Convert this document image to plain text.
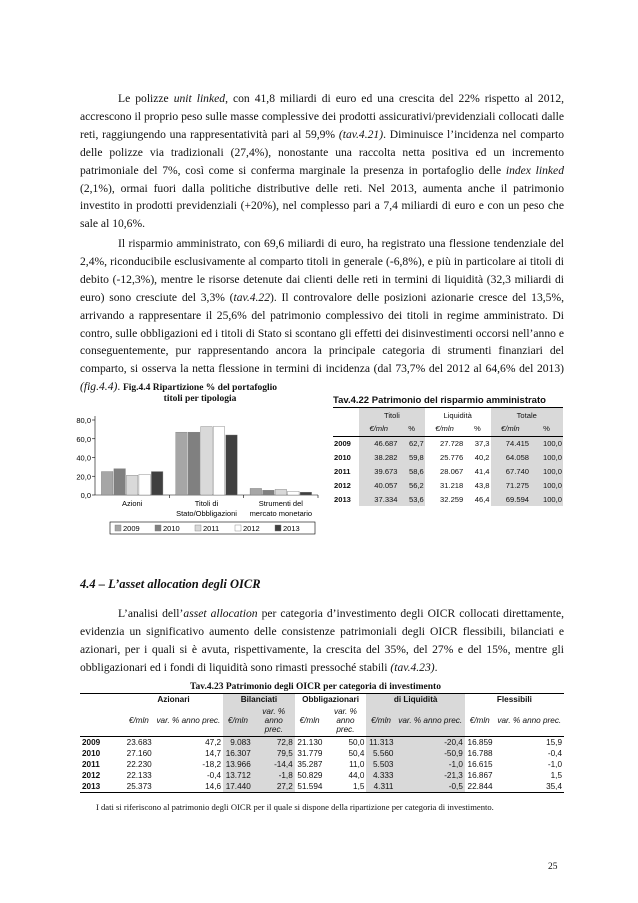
Le polizze unit linked, con 41,8 miliardi di euro ed una crescita del 22% rispetto al 2012, accrescono il proprio peso sulle masse complessive dei prodotti assicurativi/previdenziali collocati dalle reti, raggiungendo una rappresentatività pari al 59,9% (tav.4.21). Diminuisce l’incidenza nel comparto delle polizze via tradizionali (27,4%), nonostante una raccolta netta positiva ed un incremento patrimoniale del 7%, così come si conferma marginale la presenza in portafoglio delle index linked (2,1%), ormai fuori dalla politiche distributive delle reti. Nel 2013, aumenta anche il patrimonio investito in prodotti previdenziali (+20%), nel complesso pari a 7,4 miliardi di euro e con un peso che sale al 10,6%.

Il risparmio amministrato, con 69,6 miliardi di euro, ha registrato una flessione tendenziale del 2,4%, riconducibile esclusivamente al comparto titoli in generale (-6,8%), e più in particolare ai titoli di debito (-12,3%), mentre le risorse detenute dai clienti delle reti in termini di liquidità (32,3 miliardi di euro) sono cresciute del 3,3% (tav.4.22). Il controvalore delle posizioni azionarie cresce del 13,5%, arrivando a rappresentare il 25,6% del patrimonio complessivo dei titoli in regime amministrato. Di contro, sulle obbligazioni ed i titoli di Stato si scontano gli effetti dei disinvestimenti occorsi nell’anno e conseguentemente, pur rappresentando ancora la principale categoria di strumenti finanziari del comparto, si osserva la netta flessione in termini di incidenza (dal 73,7% del 2012 al 64,6% del 2013) (fig.4.4). Fig.4.4 Ripartizione % del portafoglio
titoli per tipologia
0,0
20,0
40,0
60,0
80,0
Azioni	Titoli di Stato/Obbligazioni
Strumenti del mercato monetario
2009	2010	2011	2012	2013
Tav.4.22 Patrimonio del risparmio amministrato
	Titoli		Liquidità		Totale	
	€/mln	%	€/mln	%	€/mln	%
2009	46.687	62,7	27.728	37,3	74.415	100,0
2010	38.282	59,8	25.776	40,2	64.058	100,0
2011	39.673	58,6	28.067	41,4	67.740	100,0
2012	40.057	56,2	31.218	43,8	71.275	100,0
2013	37.334	53,6	32.259	46,4	69.594	100,0
4.4 – L’asset allocation degli OICR

L’analisi dell’asset allocation per categoria d’investimento degli OICR collocati direttamente, evidenzia un significativo aumento delle consistenze patrimoniali degli OICR flessibili, bilanciati e azionari, per i quali si è avuta, rispettivamente, la crescita del 35%, del 27% e del 15%, mentre gli obbligazionari ed i fondi di liquidità sono rimasti pressoché stabili (tav.4.23).

Tav.4.23 Patrimonio degli OICR per categoria di investimento
	Azionari		Bilanciati		Obbligazionari		di Liquidità		Flessibili	
	€/mln	var. % anno prec.	€/mln	var. % anno prec.	€/mln	var. % anno prec.	€/mln	var. % anno prec.	€/mln	var. % anno prec.
2009	23.683	47,2	9.083	72,8	21.130	50,0	11.313	-20,4	16.859	15,9
2010	27.160	14,7	16.307	79,5	31.779	50,4	5.560	-50,9	16.788	-0,4
2011	22.230	-18,2	13.966	-14,4	35.287	11,0	5.503	-1,0	16.615	-1,0
2012	22.133	-0,4	13.712	-1,8	50.829	44,0	4.333	-21,3	16.867	1,5
2013	25.373	14,6	17.440	27,2	51.594	1,5	4.311	-0,5	22.844	35,4
I dati si riferiscono al patrimonio degli OICR per il quale si dispone della ripartizione per categoria di investimento.
25
